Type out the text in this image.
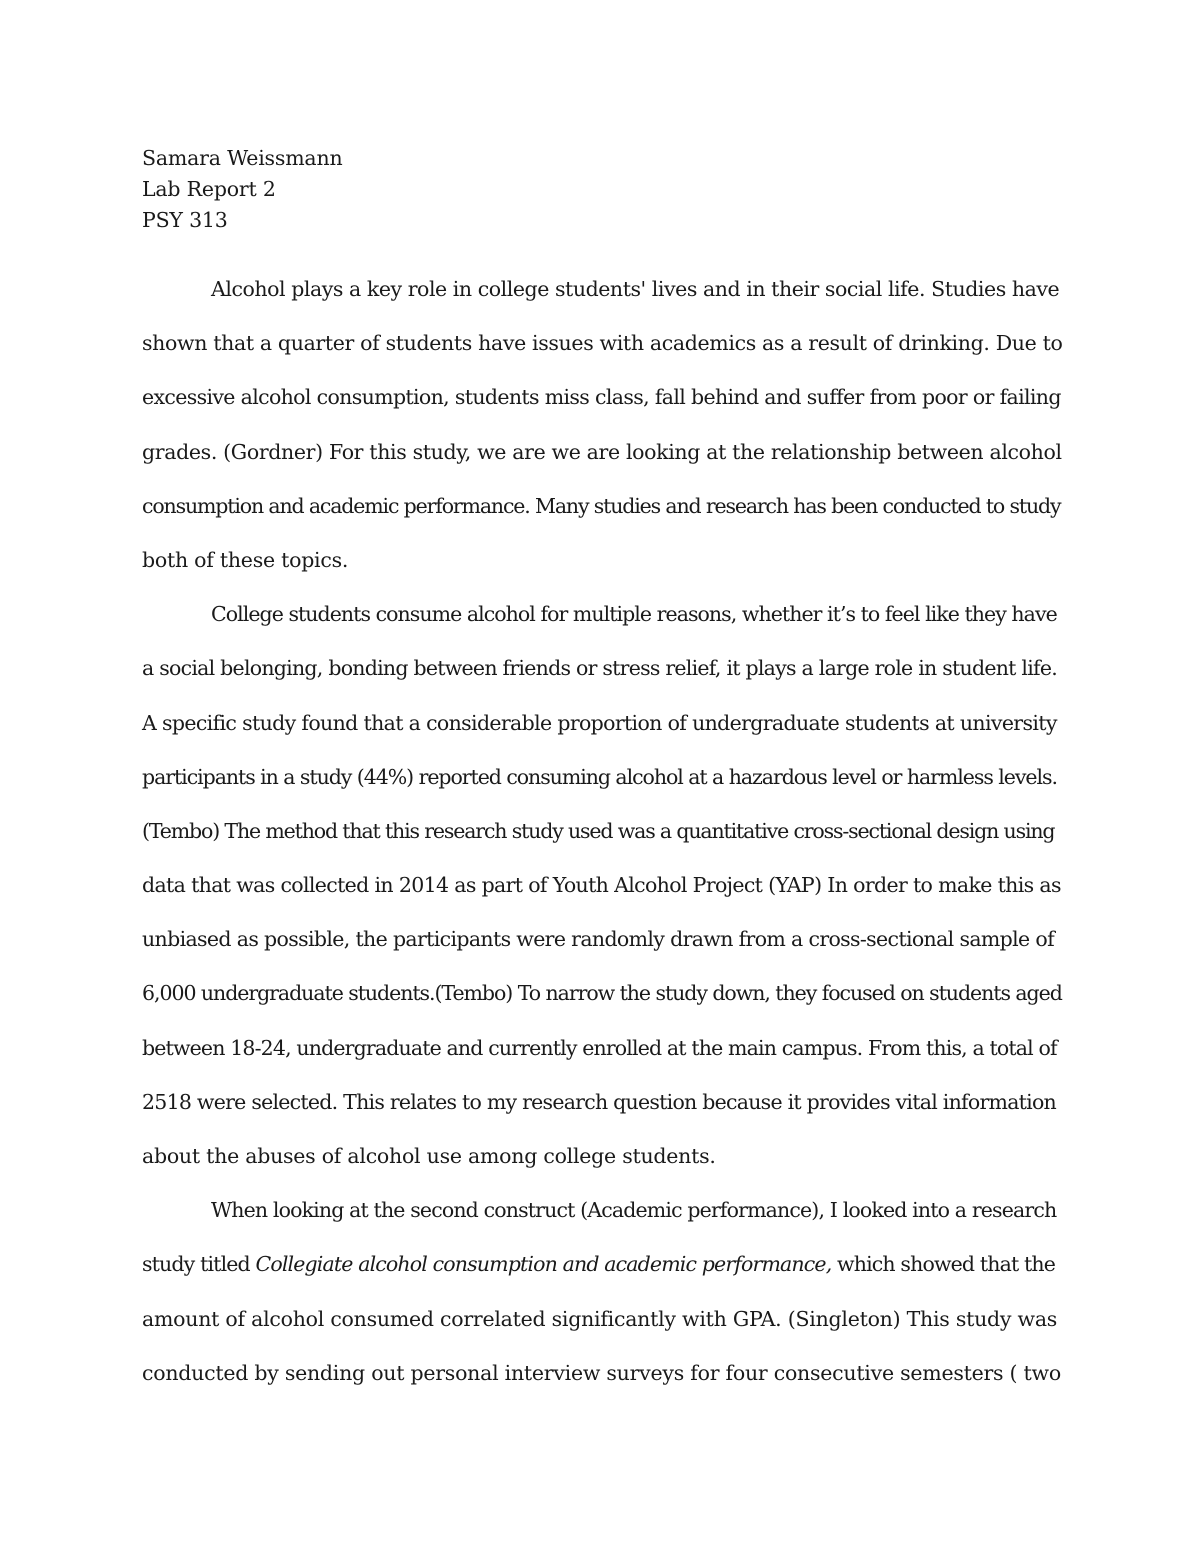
Samara Weissmann
Lab Report 2
PSY 313
Alcohol plays a key role in college students' lives and in their social life. Studies have
shown that a quarter of students have issues with academics as a result of drinking. Due to
excessive alcohol consumption, students miss class, fall behind and suffer from poor or failing
grades. (Gordner) For this study, we are we are looking at the relationship between alcohol
consumption and academic performance. Many studies and research has been conducted to study
both of these topics.
College students consume alcohol for multiple reasons, whether it’s to feel like they have
a social belonging, bonding between friends or stress relief, it plays a large role in student life.
A specific study found that a considerable proportion of undergraduate students at university
participants in a study (44%) reported consuming alcohol at a hazardous level or harmless levels.
(Tembo) The method that this research study used was a quantitative cross-sectional design using
data that was collected in 2014 as part of Youth Alcohol Project (YAP) In order to make this as
unbiased as possible, the participants were randomly drawn from a cross-sectional sample of
6,000 undergraduate students.(Tembo) To narrow the study down, they focused on students aged
between 18-24, undergraduate and currently enrolled at the main campus. From this, a total of
2518 were selected. This relates to my research question because it provides vital information
about the abuses of alcohol use among college students.
When looking at the second construct (Academic performance), I looked into a research
study titled Collegiate alcohol consumption and academic performance, which showed that the
amount of alcohol consumed correlated significantly with GPA. (Singleton) This study was
conducted by sending out personal interview surveys for four consecutive semesters ( two
